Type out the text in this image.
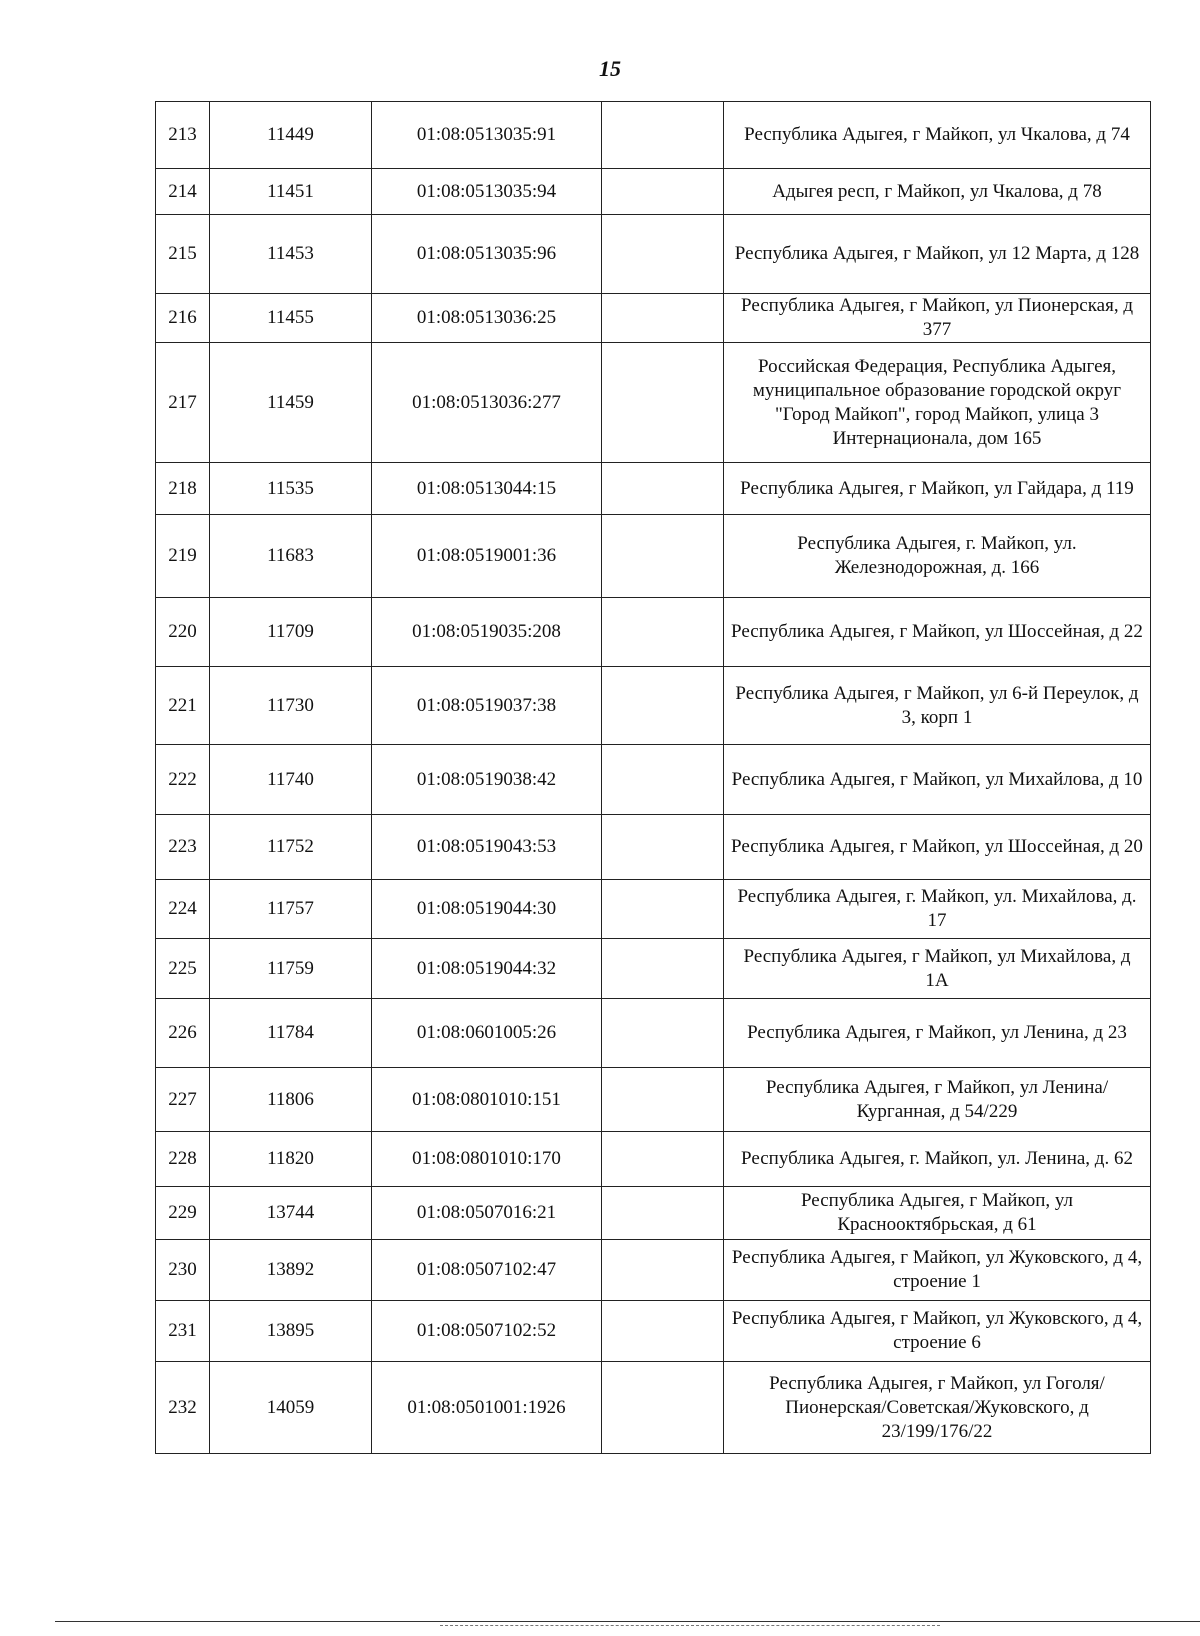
15
213	11449	01:08:0513035:91		Республика Адыгея, г Майкоп, ул Чкалова, д 74
214	11451	01:08:0513035:94		Адыгея респ, г Майкоп, ул Чкалова, д 78
215	11453	01:08:0513035:96		Республика Адыгея, г Майкоп, ул 12 Марта, д 128
216	11455	01:08:0513036:25		Республика Адыгея, г Майкоп, ул Пионерская, д 377
217	11459	01:08:0513036:277		Российская Федерация, Республика Адыгея, муниципальное образование городской округ "Город Майкоп", город Майкоп, улица 3 Интернационала, дом 165
218	11535	01:08:0513044:15		Республика Адыгея, г Майкоп, ул Гайдара, д 119
219	11683	01:08:0519001:36		Республика Адыгея, г. Майкоп, ул. Железнодорожная, д. 166
220	11709	01:08:0519035:208		Республика Адыгея, г Майкоп, ул Шоссейная, д 22
221	11730	01:08:0519037:38		Республика Адыгея, г Майкоп, ул 6-й Переулок, д 3, корп 1
222	11740	01:08:0519038:42		Республика Адыгея, г Майкоп, ул Михайлова, д 10
223	11752	01:08:0519043:53		Республика Адыгея, г Майкоп, ул Шоссейная, д 20
224	11757	01:08:0519044:30		Республика Адыгея, г. Майкоп, ул. Михайлова, д. 17
225	11759	01:08:0519044:32		Республика Адыгея, г Майкоп, ул Михайлова, д 1А
226	11784	01:08:0601005:26		Республика Адыгея, г Майкоп, ул Ленина, д 23
227	11806	01:08:0801010:151		Республика Адыгея, г Майкоп, ул Ленина/Курганная, д 54/229
228	11820	01:08:0801010:170		Республика Адыгея, г. Майкоп, ул. Ленина, д. 62
229	13744	01:08:0507016:21		Республика Адыгея, г Майкоп, ул Краснооктябрьская, д 61
230	13892	01:08:0507102:47		Республика Адыгея, г Майкоп, ул Жуковского, д 4, строение 1
231	13895	01:08:0507102:52		Республика Адыгея, г Майкоп, ул Жуковского, д 4, строение 6
232	14059	01:08:0501001:1926		Республика Адыгея, г Майкоп, ул Гоголя/Пионерская/Советская/Жуковского, д 23/199/176/22
